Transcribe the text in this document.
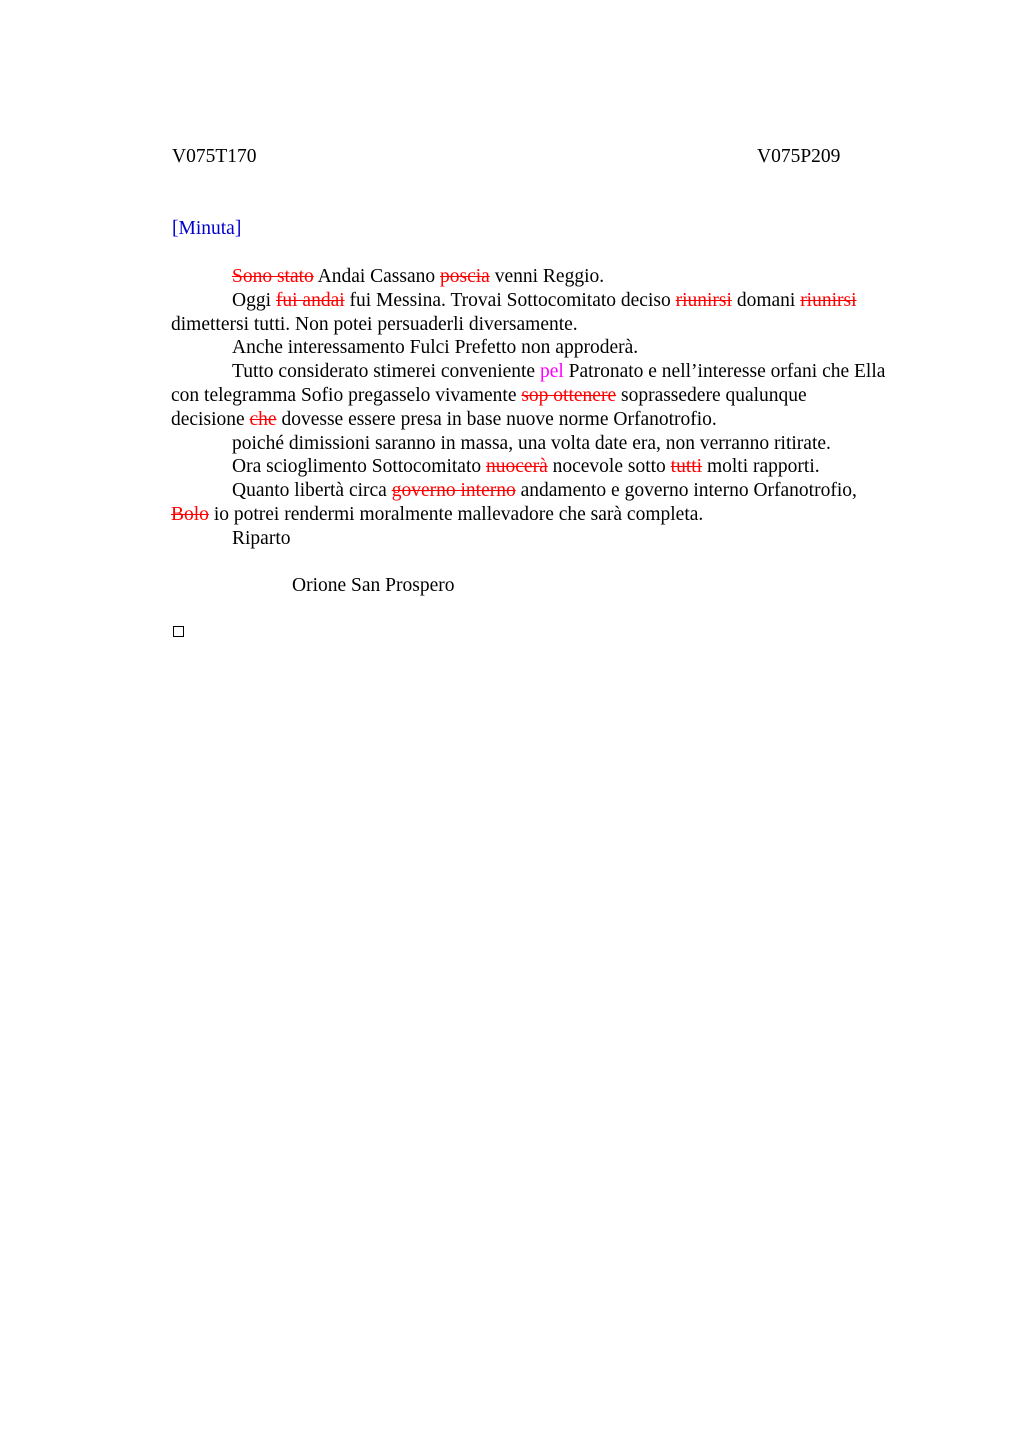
V075T170	V075P209
[Minuta]
Sono stato Andai Cassano poscia venni Reggio.
Oggi fui andai fui Messina. Trovai Sottocomitato deciso riunirsi domani riunirsi
dimettersi tutti. Non potei persuaderli diversamente.
Anche interessamento Fulci Prefetto non approderà.
Tutto considerato stimerei conveniente pel Patronato e nell’interesse orfani che Ella
con telegramma Sofio pregasselo vivamente sop ottenere soprassedere qualunque
decisione che dovesse essere presa in base nuove norme Orfanotrofio.
poiché dimissioni saranno in massa, una volta date era, non verranno ritirate.
Ora scioglimento Sottocomitato nuocerà nocevole sotto tutti molti rapporti.
Quanto libertà circa governo interno andamento e governo interno Orfanotrofio,
Bolo io potrei rendermi moralmente mallevadore che sarà completa.
Riparto
Orione San Prospero
